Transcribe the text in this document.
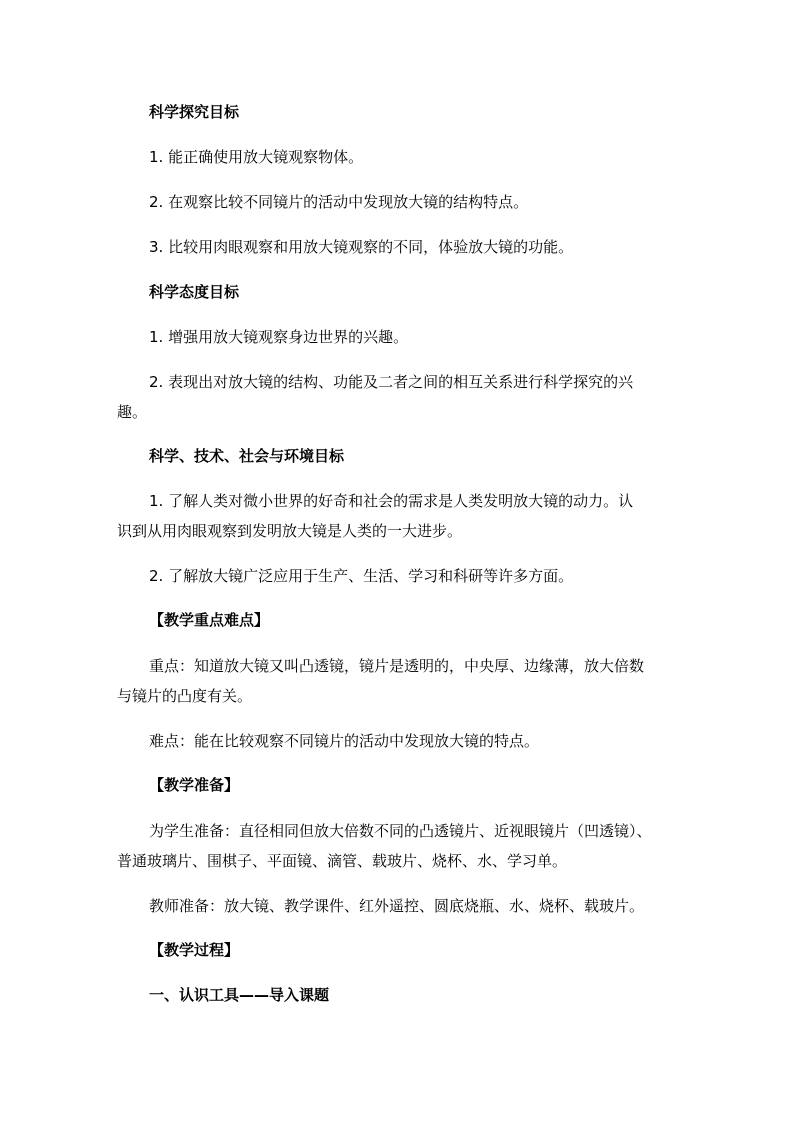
科学探究目标
1. 能正确使用放大镜观察物体。
2. 在观察比较不同镜片的活动中发现放大镜的结构特点。
3. 比较用肉眼观察和用放大镜观察的不同，体验放大镜的功能。
科学态度目标
1. 增强用放大镜观察身边世界的兴趣。
2. 表现出对放大镜的结构、功能及二者之间的相互关系进行科学探究的兴
趣。
科学、技术、社会与环境目标
1. 了解人类对微小世界的好奇和社会的需求是人类发明放大镜的动力。认
识到从用肉眼观察到发明放大镜是人类的一大进步。
2. 了解放大镜广泛应用于生产、生活、学习和科研等许多方面。
【教学重点难点】
重点：知道放大镜又叫凸透镜，镜片是透明的，中央厚、边缘薄，放大倍数
与镜片的凸度有关。
难点：能在比较观察不同镜片的活动中发现放大镜的特点。
【教学准备】
为学生准备：直径相同但放大倍数不同的凸透镜片、近视眼镜片（凹透镜）、
普通玻璃片、围棋子、平面镜、滴管、载玻片、烧杯、水、学习单。
教师准备：放大镜、教学课件、红外遥控、圆底烧瓶、水、烧杯、载玻片。
【教学过程】
一、认识工具——导入课题
